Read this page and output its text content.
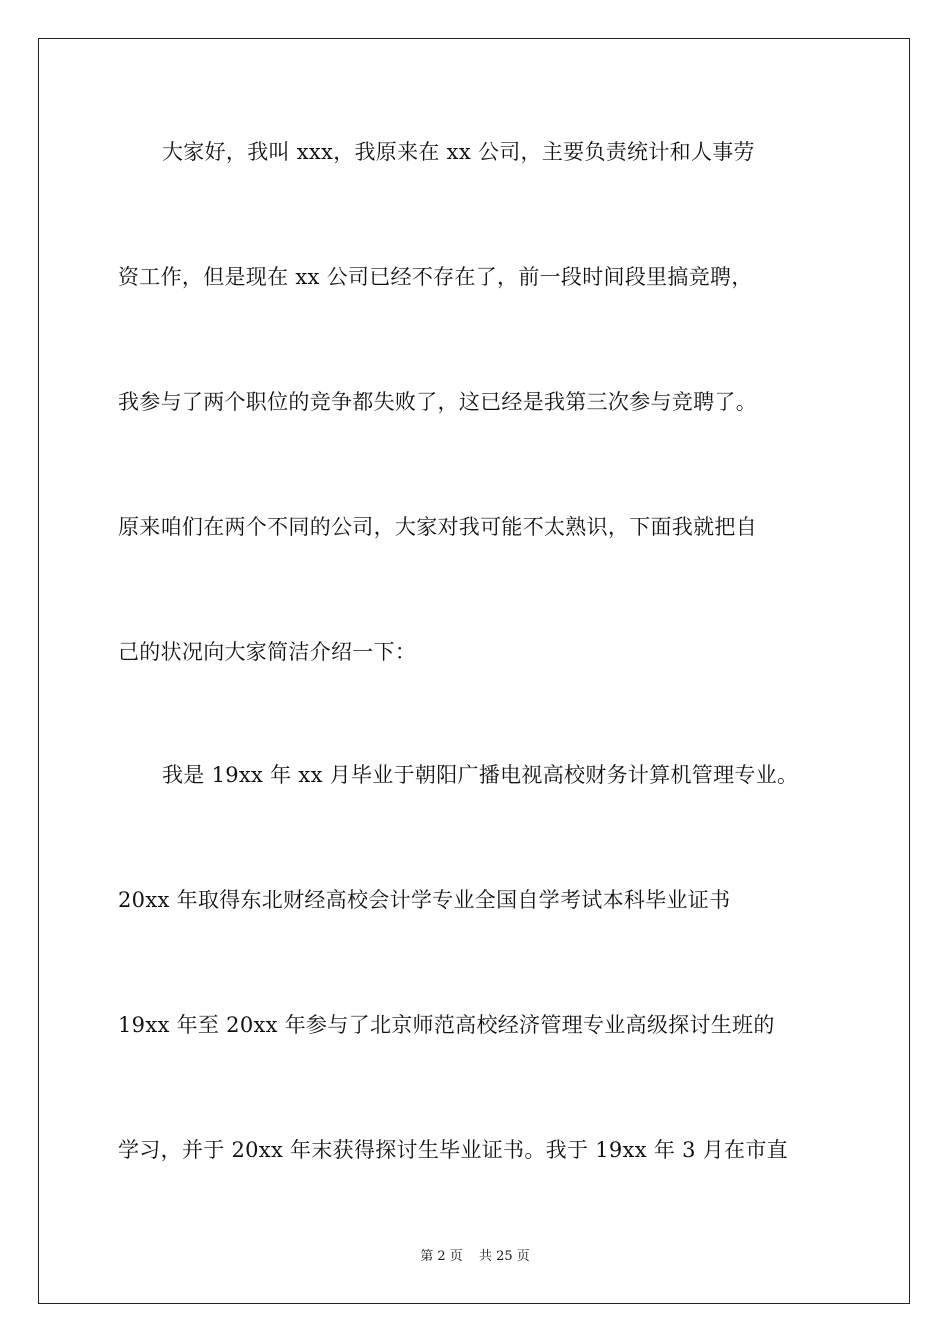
大家好，我叫 xxx，我原来在 xx 公司，主要负责统计和人事劳
资工作，但是现在 xx 公司已经不存在了，前一段时间段里搞竞聘，
我参与了两个职位的竞争都失败了，这已经是我第三次参与竞聘了。
原来咱们在两个不同的公司，大家对我可能不太熟识，下面我就把自
己的状况向大家简洁介绍一下：
我是 19xx 年 xx 月毕业于朝阳广播电视高校财务计算机管理专业。
20xx 年取得东北财经高校会计学专业全国自学考试本科毕业证书
19xx 年至 20xx 年参与了北京师范高校经济管理专业高级探讨生班的
学习，并于 20xx 年末获得探讨生毕业证书。我于 19xx 年 3 月在市直
第 2 页 共 25 页
